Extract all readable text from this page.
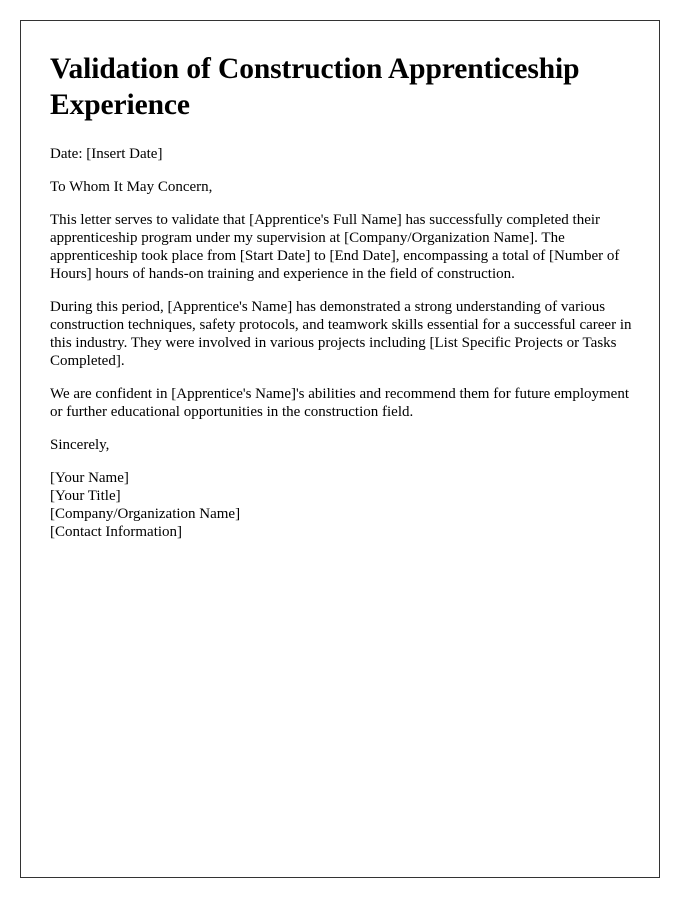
Validation of Construction Apprenticeship Experience

Date: [Insert Date]

To Whom It May Concern,

This letter serves to validate that [Apprentice's Full Name] has successfully completed their apprenticeship program under my supervision at [Company/Organization Name]. The apprenticeship took place from [Start Date] to [End Date], encompassing a total of [Number of Hours] hours of hands-on training and experience in the field of construction.

During this period, [Apprentice's Name] has demonstrated a strong understanding of various construction techniques, safety protocols, and teamwork skills essential for a successful career in this industry. They were involved in various projects including [List Specific Projects or Tasks Completed].

We are confident in [Apprentice's Name]'s abilities and recommend them for future employment or further educational opportunities in the construction field.

Sincerely,

[Your Name]
[Your Title]
[Company/Organization Name]
[Contact Information]
